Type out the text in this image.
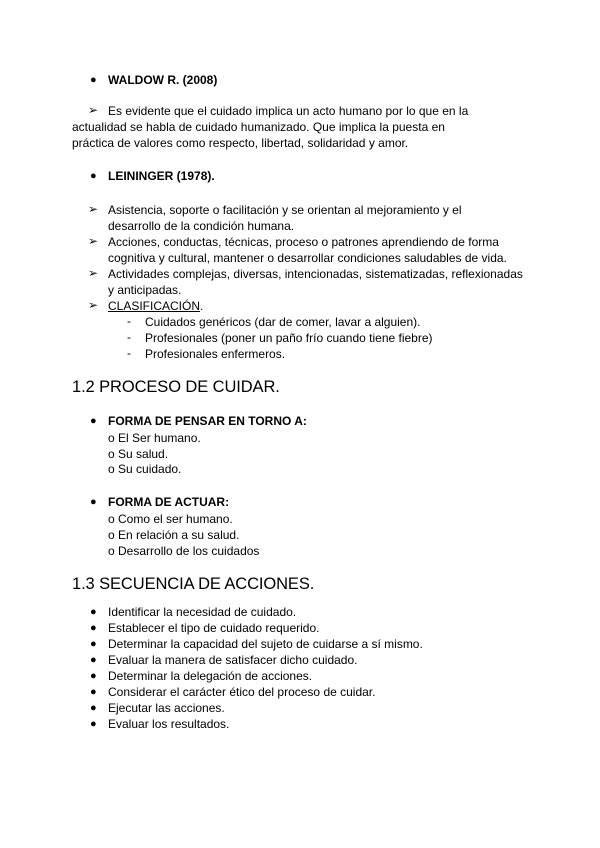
● WALDOW R. (2008)
➢ Es evidente que el cuidado implica un acto humano por lo que en la
actualidad se habla de cuidado humanizado. Que implica la puesta en
práctica de valores como respecto, libertad, solidaridad y amor.
● LEININGER (1978).
➢ Asistencia, soporte o facilitación y se orientan al mejoramiento y el
desarrollo de la condición humana.
➢ Acciones, conductas, técnicas, proceso o patrones aprendiendo de forma
cognitiva y cultural, mantener o desarrollar condiciones saludables de vida.
➢ Actividades complejas, diversas, intencionadas, sistematizadas, reflexionadas
y anticipadas.
➢ CLASIFICACIÓN.
- Cuidados genéricos (dar de comer, lavar a alguien).
- Profesionales (poner un paño frío cuando tiene fiebre)
- Profesionales enfermeros.
1.2 PROCESO DE CUIDAR.
● FORMA DE PENSAR EN TORNO A:
o El Ser humano.
o Su salud.
o Su cuidado.
● FORMA DE ACTUAR:
o Como el ser humano.
o En relación a su salud.
o Desarrollo de los cuidados
1.3 SECUENCIA DE ACCIONES.
● Identificar la necesidad de cuidado.
● Establecer el tipo de cuidado requerido.
● Determinar la capacidad del sujeto de cuidarse a sí mismo.
● Evaluar la manera de satisfacer dicho cuidado.
● Determinar la delegación de acciones.
● Considerar el carácter ético del proceso de cuidar.
● Ejecutar las acciones.
● Evaluar los resultados.
